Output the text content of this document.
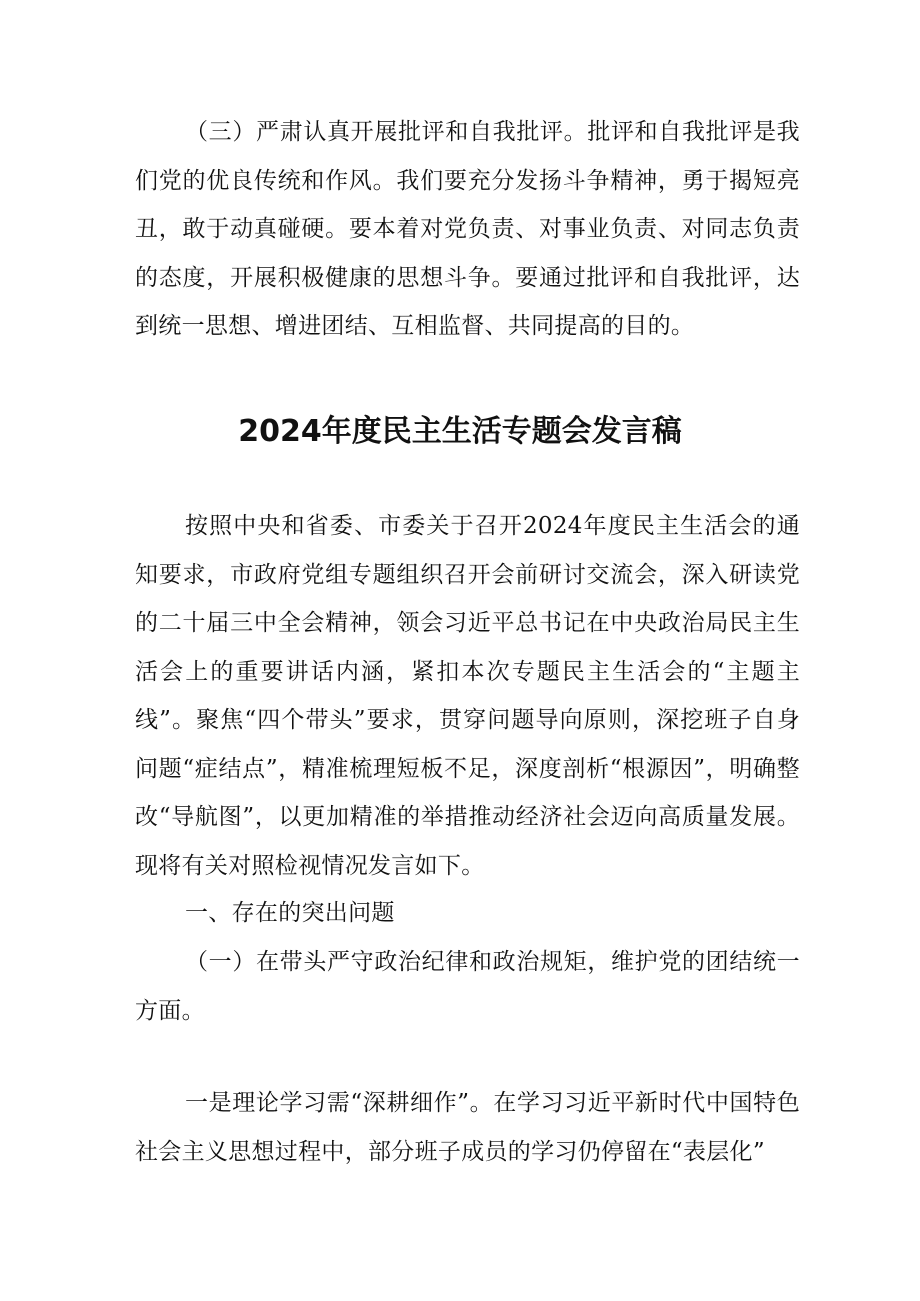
（三）严肃认真开展批评和自我批评。批评和自我批评是我们党的优良传统和作风。我们要充分发扬斗争精神，勇于揭短亮丑，敢于动真碰硬。要本着对党负责、对事业负责、对同志负责的态度，开展积极健康的思想斗争。要通过批评和自我批评，达到统一思想、增进团结、互相监督、共同提高的目的。

2024年度民主生活专题会发言稿

按照中央和省委、市委关于召开2024年度民主生活会的通知要求，市政府党组专题组织召开会前研讨交流会，深入研读党的二十届三中全会精神，领会习近平总书记在中央政治局民主生活会上的重要讲话内涵，紧扣本次专题民主生活会的“主题主线”。聚焦“四个带头”要求，贯穿问题导向原则，深挖班子自身问题“症结点”，精准梳理短板不足，深度剖析“根源因”，明确整改“导航图”，以更加精准的举措推动经济社会迈向高质量发展。现将有关对照检视情况发言如下。

一、存在的突出问题

（一）在带头严守政治纪律和政治规矩，维护党的团结统一方面。

一是理论学习需“深耕细作”。在学习习近平新时代中国特色社会主义思想过程中，部分班子成员的学习仍停留在“表层化”
